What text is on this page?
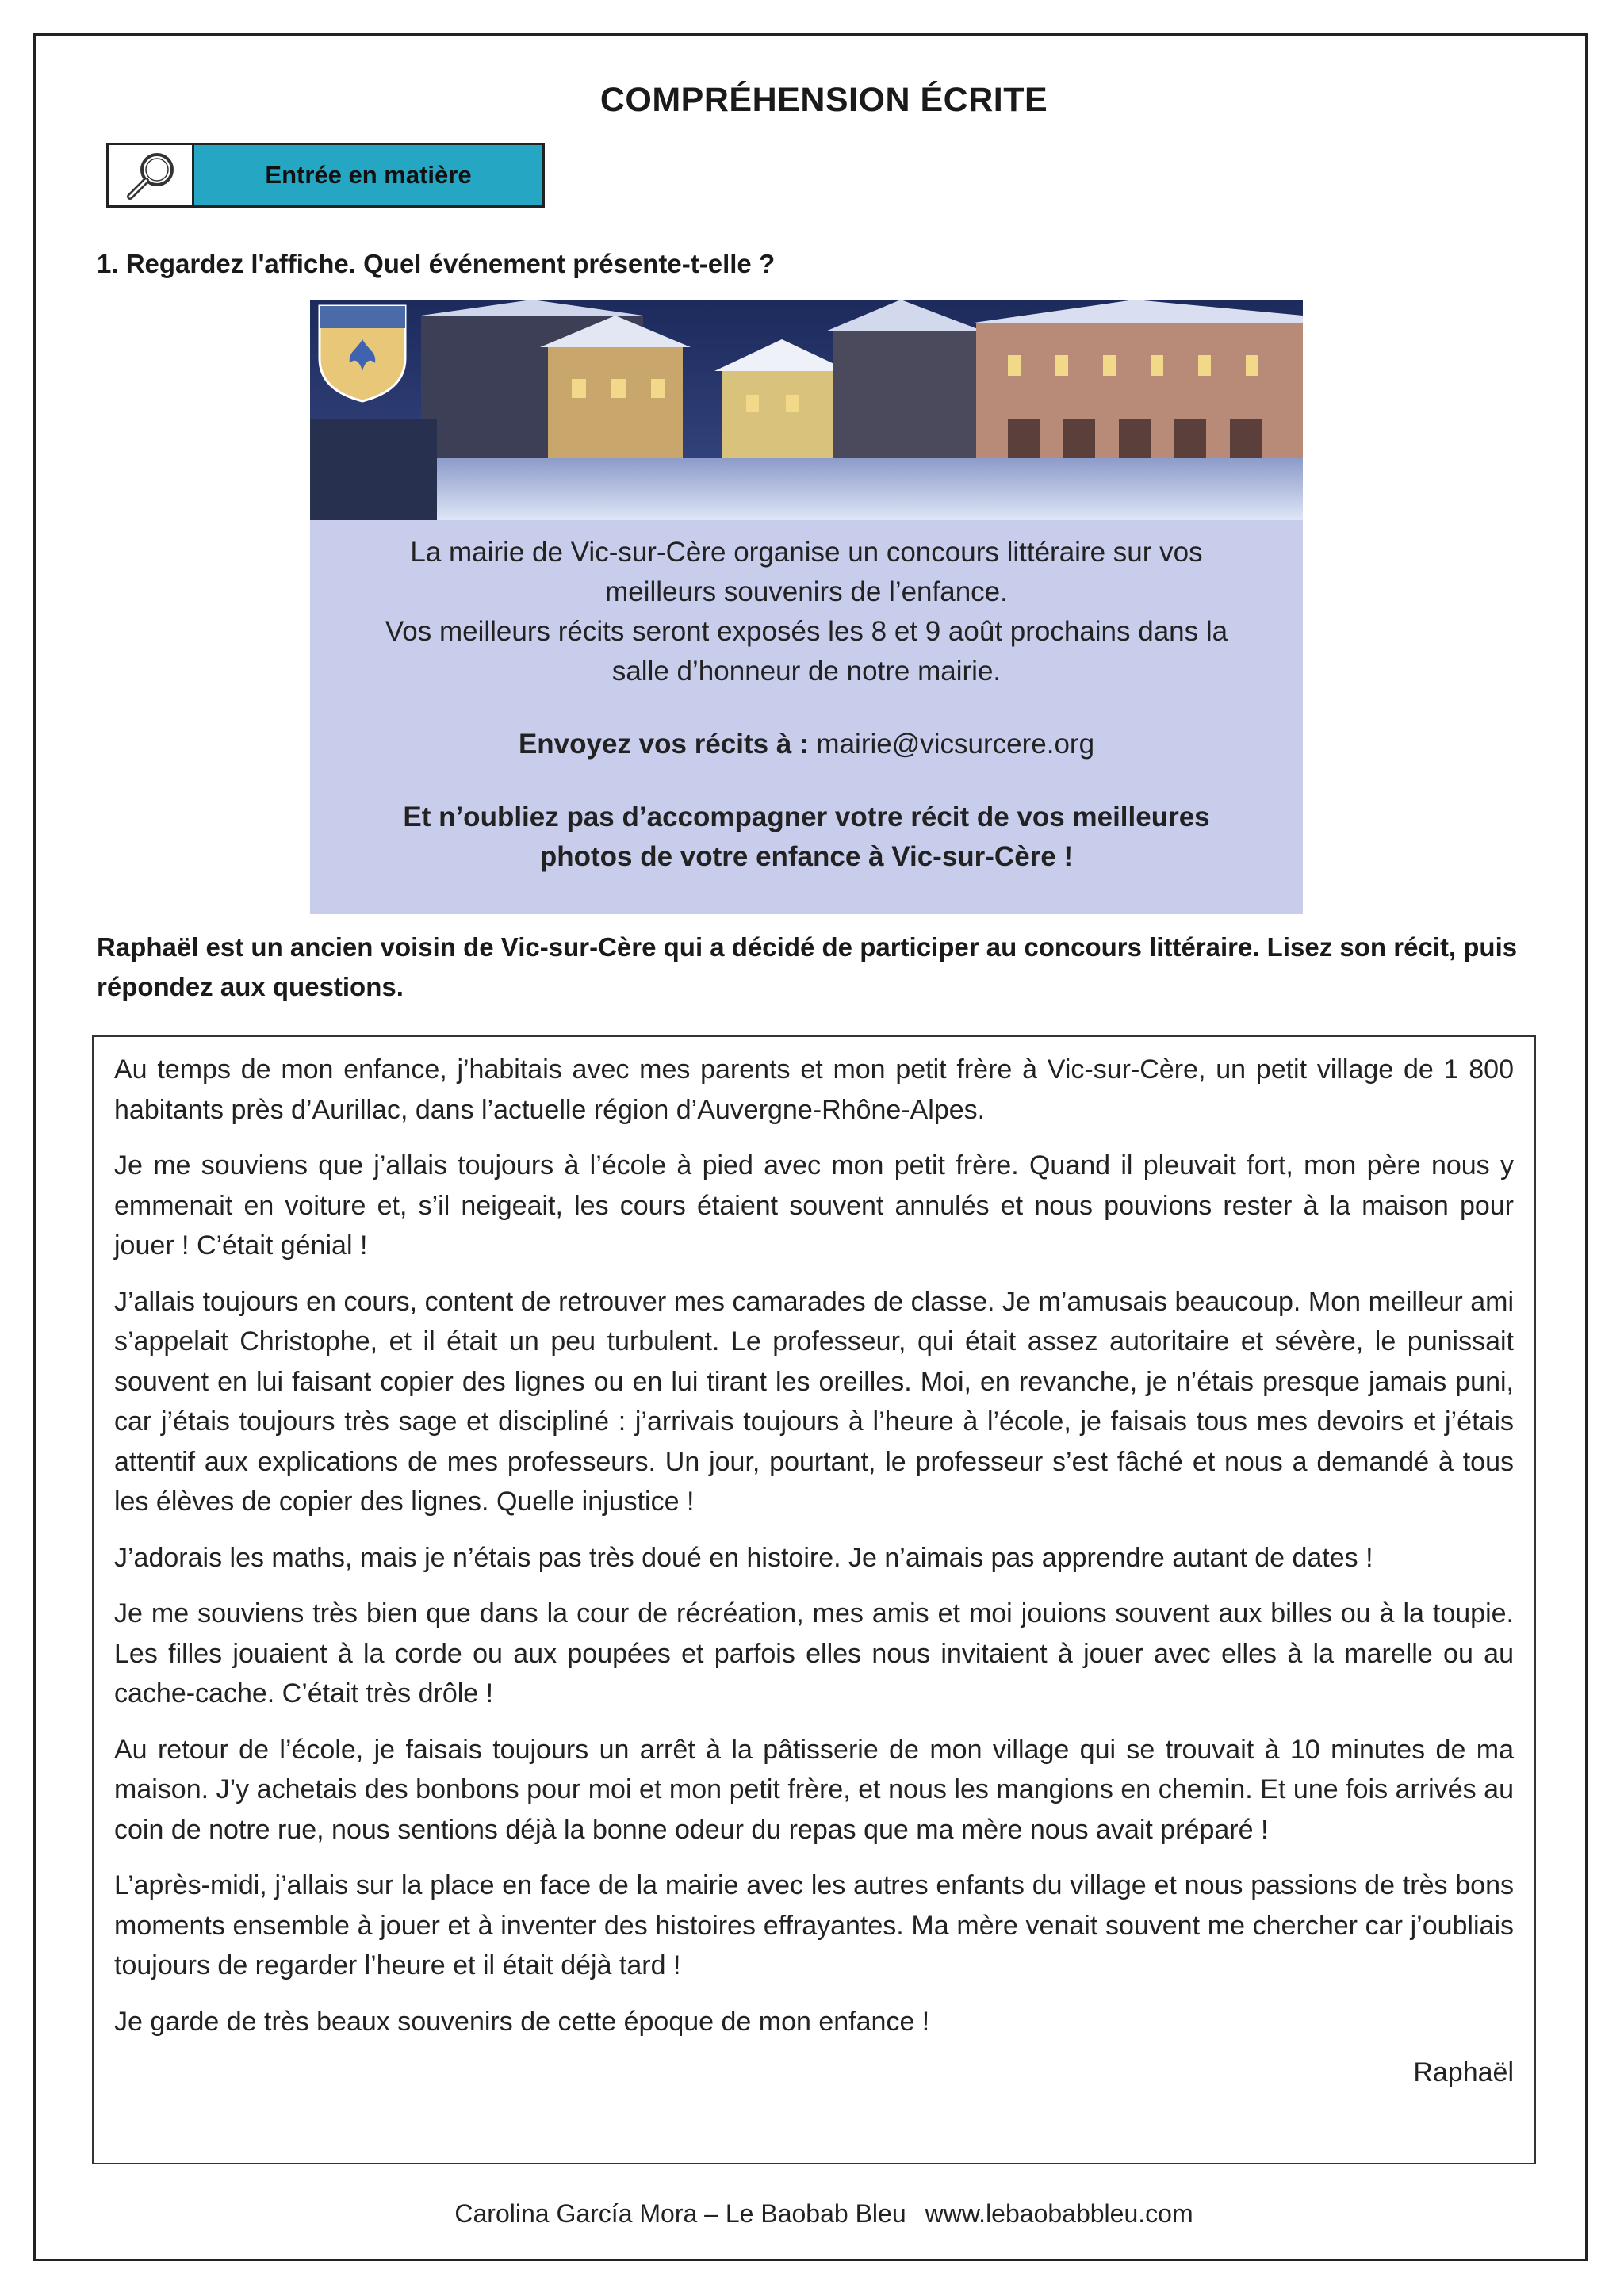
COMPRÉHENSION ÉCRITE
Entrée en matière
1. Regardez l'affiche. Quel événement présente-t-elle ?
La mairie de Vic-sur-Cère organise un concours littéraire sur vos
meilleurs souvenirs de l’enfance.
Vos meilleurs récits seront exposés les 8 et 9 août prochains dans la
salle d’honneur de notre mairie.
Envoyez vos récits à : mairie@vicsurcere.org
Et n’oubliez pas d’accompagner votre récit de vos meilleures
photos de votre enfance à Vic-sur-Cère !
Raphaël est un ancien voisin de Vic-sur-Cère qui a décidé de participer au concours littéraire. Lisez son récit, puis répondez aux questions.

Au temps de mon enfance, j’habitais avec mes parents et mon petit frère à Vic-sur-Cère, un petit village de 1 800 habitants près d’Aurillac, dans l’actuelle région d’Auvergne-Rhône-Alpes.

Je me souviens que j’allais toujours à l’école à pied avec mon petit frère. Quand il pleuvait fort, mon père nous y emmenait en voiture et, s’il neigeait, les cours étaient souvent annulés et nous pouvions rester à la maison pour jouer ! C’était génial !

J’allais toujours en cours, content de retrouver mes camarades de classe. Je m’amusais beaucoup. Mon meilleur ami s’appelait Christophe, et il était un peu turbulent. Le professeur, qui était assez autoritaire et sévère, le punissait souvent en lui faisant copier des lignes ou en lui tirant les oreilles. Moi, en revanche, je n’étais presque jamais puni, car j’étais toujours très sage et discipliné : j’arrivais toujours à l’heure à l’école, je faisais tous mes devoirs et j’étais attentif aux explications de mes professeurs. Un jour, pourtant, le professeur s’est fâché et nous a demandé à tous les élèves de copier des lignes. Quelle injustice !

J’adorais les maths, mais je n’étais pas très doué en histoire. Je n’aimais pas apprendre autant de dates !

Je me souviens très bien que dans la cour de récréation, mes amis et moi jouions souvent aux billes ou à la toupie. Les filles jouaient à la corde ou aux poupées et parfois elles nous invitaient à jouer avec elles à la marelle ou au cache-cache. C’était très drôle !

Au retour de l’école, je faisais toujours un arrêt à la pâtisserie de mon village qui se trouvait à 10 minutes de ma maison. J’y achetais des bonbons pour moi et mon petit frère, et nous les mangions en chemin. Et une fois arrivés au coin de notre rue, nous sentions déjà la bonne odeur du repas que ma mère nous avait préparé !

L’après-midi, j’allais sur la place en face de la mairie avec les autres enfants du village et nous passions de très bons moments ensemble à jouer et à inventer des histoires effrayantes. Ma mère venait souvent me chercher car j’oubliais toujours de regarder l’heure et il était déjà tard !

Je garde de très beaux souvenirs de cette époque de mon enfance !

Raphaël
Carolina García Mora – Le Baobab Bleu www.lebaobabbleu.com
